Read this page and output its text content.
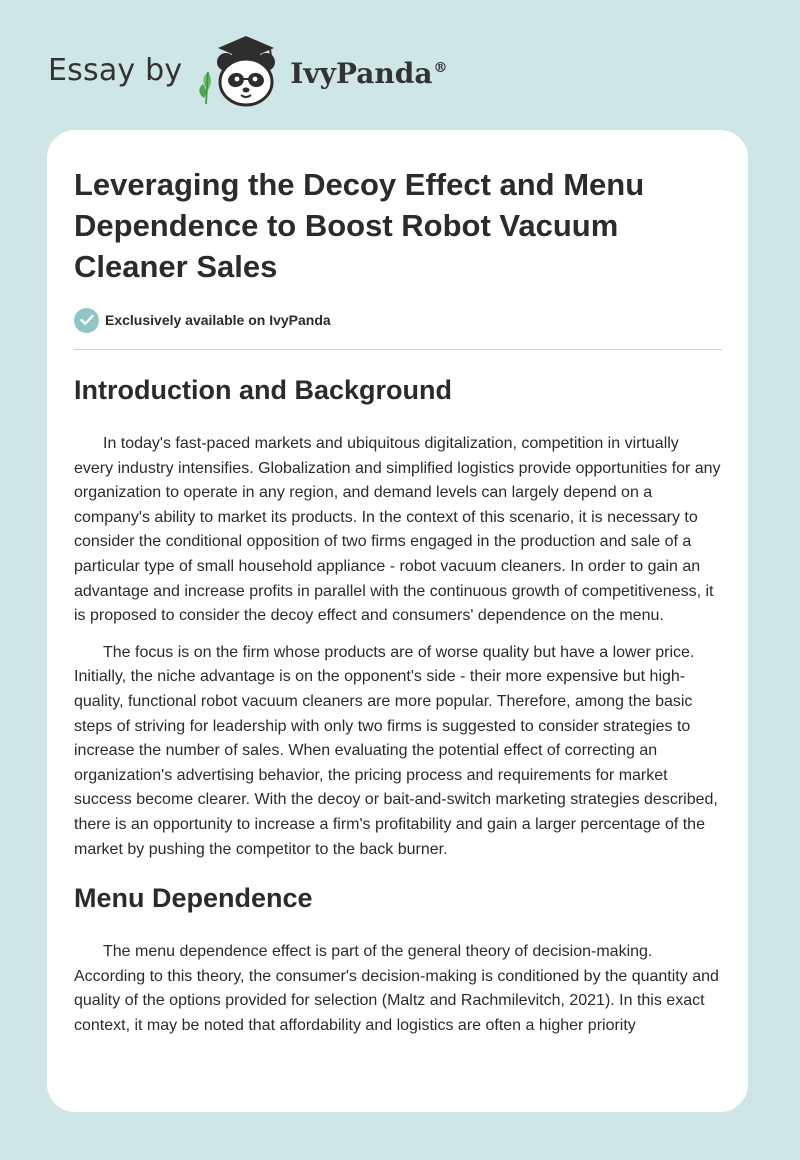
Essay by	IvyPanda®
Leveraging the Decoy Effect and Menu Dependence to Boost Robot Vacuum Cleaner Sales
Exclusively available on IvyPanda
Introduction and Background

In today's fast-paced markets and ubiquitous digitalization, competition in virtually every industry intensifies. Globalization and simplified logistics provide opportunities for any organization to operate in any region, and demand levels can largely depend on a company's ability to market its products. In the context of this scenario, it is necessary to consider the conditional opposition of two firms engaged in the production and sale of a particular type of small household appliance - robot vacuum cleaners. In order to gain an advantage and increase profits in parallel with the continuous growth of competitiveness, it is proposed to consider the decoy effect and consumers' dependence on the menu.

The focus is on the firm whose products are of worse quality but have a lower price. Initially, the niche advantage is on the opponent's side - their more expensive but high-quality, functional robot vacuum cleaners are more popular. Therefore, among the basic steps of striving for leadership with only two firms is suggested to consider strategies to increase the number of sales. When evaluating the potential effect of correcting an organization's advertising behavior, the pricing process and requirements for market success become clearer. With the decoy or bait-and-switch marketing strategies described, there is an opportunity to increase a firm's profitability and gain a larger percentage of the market by pushing the competitor to the back burner.

Menu Dependence

The menu dependence effect is part of the general theory of decision-making. According to this theory, the consumer's decision-making is conditioned by the quantity and quality of the options provided for selection (Maltz and Rachmilevitch, 2021). In this exact context, it may be noted that affordability and logistics are often a higher priority
